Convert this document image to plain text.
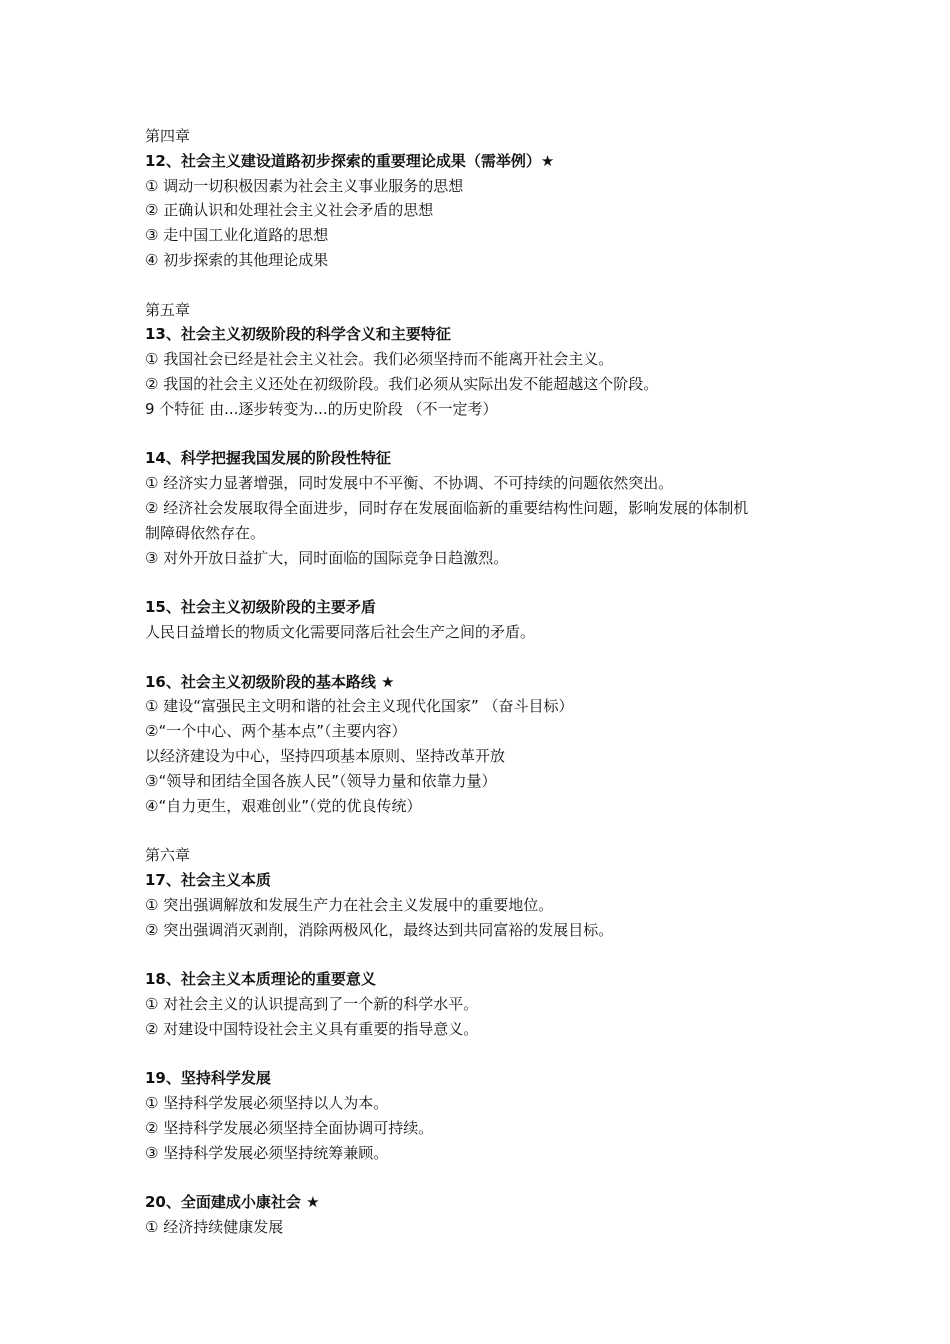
第四章
12、社会主义建设道路初步探索的重要理论成果（需举例）★
① 调动一切积极因素为社会主义事业服务的思想
② 正确认识和处理社会主义社会矛盾的思想
③ 走中国工业化道路的思想
④ 初步探索的其他理论成果
第五章
13、社会主义初级阶段的科学含义和主要特征
① 我国社会已经是社会主义社会。我们必须坚持而不能离开社会主义。
② 我国的社会主义还处在初级阶段。我们必须从实际出发不能超越这个阶段。
9 个特征 由...逐步转变为...的历史阶段 （不一定考）
14、科学把握我国发展的阶段性特征
① 经济实力显著增强，同时发展中不平衡、不协调、不可持续的问题依然突出。
② 经济社会发展取得全面进步，同时存在发展面临新的重要结构性问题，影响发展的体制机
制障碍依然存在。
③ 对外开放日益扩大，同时面临的国际竞争日趋激烈。
15、社会主义初级阶段的主要矛盾
人民日益增长的物质文化需要同落后社会生产之间的矛盾。
16、社会主义初级阶段的基本路线 ★
① 建设“富强民主文明和谐的社会主义现代化国家” （奋斗目标）
②“一个中心、两个基本点”（主要内容）
以经济建设为中心，坚持四项基本原则、坚持改革开放
③“领导和团结全国各族人民”（领导力量和依靠力量）
④“自力更生，艰难创业”（党的优良传统）
第六章
17、社会主义本质
① 突出强调解放和发展生产力在社会主义发展中的重要地位。
② 突出强调消灭剥削，消除两极风化，最终达到共同富裕的发展目标。
18、社会主义本质理论的重要意义
① 对社会主义的认识提高到了一个新的科学水平。
② 对建设中国特设社会主义具有重要的指导意义。
19、坚持科学发展
① 坚持科学发展必须坚持以人为本。
② 坚持科学发展必须坚持全面协调可持续。
③ 坚持科学发展必须坚持统筹兼顾。
20、全面建成小康社会 ★
① 经济持续健康发展
